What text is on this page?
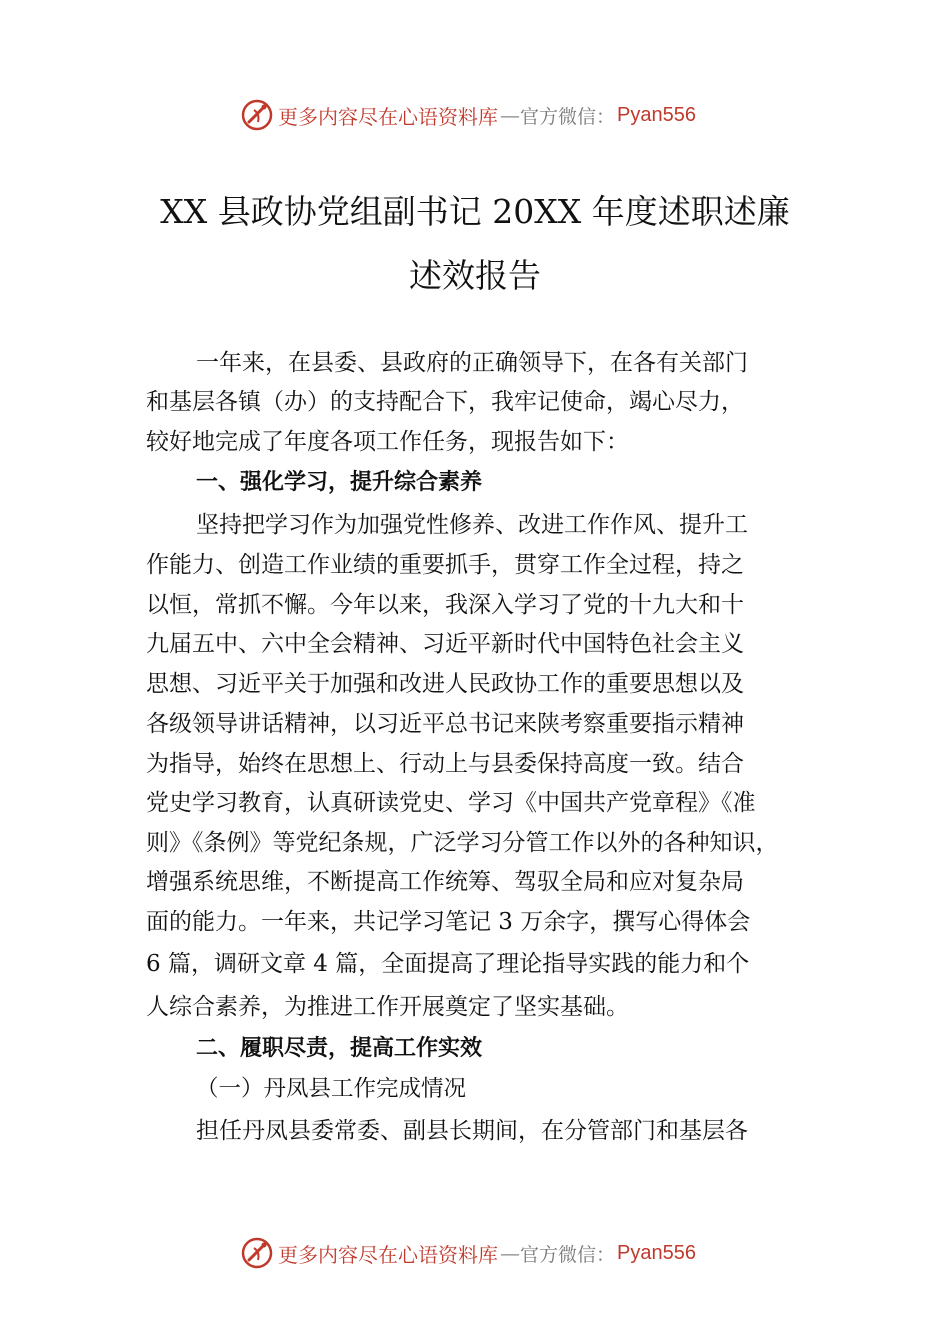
更多内容尽在心语资料库 — 官方微信： Pyan556
XX 县政协党组副书记 20XX 年度述职述廉
述效报告
一年来，在县委、县政府的正确领导下，在各有关部门
和基层各镇（办）的支持配合下，我牢记使命，竭心尽力，
较好地完成了年度各项工作任务，现报告如下：
一、强化学习，提升综合素养
坚持把学习作为加强党性修养、改进工作作风、提升工
作能力、创造工作业绩的重要抓手，贯穿工作全过程，持之
以恒，常抓不懈。今年以来，我深入学习了党的十九大和十
九届五中、六中全会精神、习近平新时代中国特色社会主义
思想、习近平关于加强和改进人民政协工作的重要思想以及
各级领导讲话精神，以习近平总书记来陕考察重要指示精神
为指导，始终在思想上、行动上与县委保持高度一致。结合
党史学习教育，认真研读党史、学习《中国共产党章程》《准
则》《条例》等党纪条规，广泛学习分管工作以外的各种知识，
增强系统思维，不断提高工作统筹、驾驭全局和应对复杂局
面的能力。一年来，共记学习笔记 3 万余字，撰写心得体会
6 篇，调研文章 4 篇，全面提高了理论指导实践的能力和个
人综合素养，为推进工作开展奠定了坚实基础。
二、履职尽责，提高工作实效
（一）丹凤县工作完成情况
担任丹凤县委常委、副县长期间，在分管部门和基层各
更多内容尽在心语资料库 — 官方微信： Pyan556
